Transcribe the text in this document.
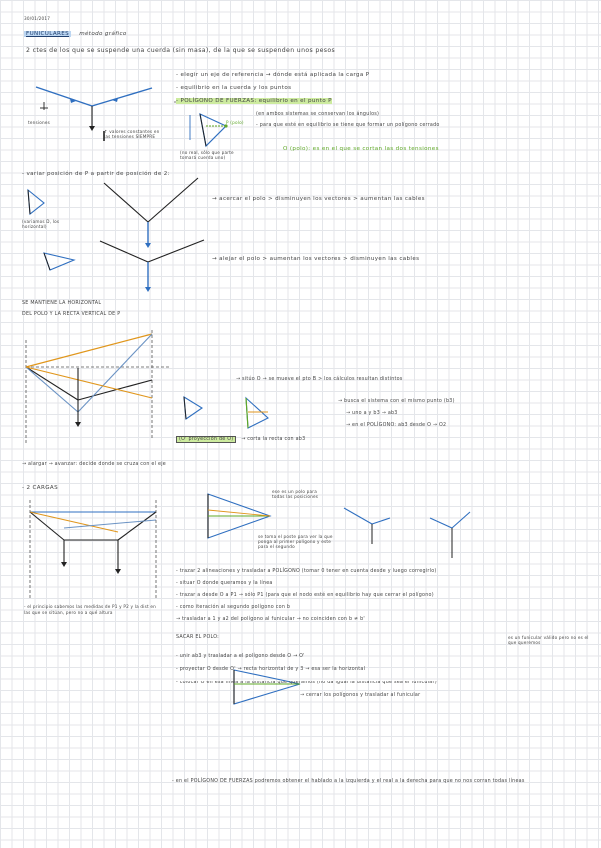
30/01/2017
FUNICULARES método gráfico
2 ctes de los que se suspende una cuerda (sin masa), de la que se suspenden unos pesos
tensiones
↑ valores constantes en las tensiones SIEMPRE
P (polo)
(no real, sólo que parte tomará cuerda uno)
- elegir un eje de referencia → dónde está aplicada la carga P
- equilibrio en la cuerda y los puntos
- POLÍGONO DE FUERZAS: equilibrio en el punto P
(en ambos sistemas se conservan los ángulos)
- para que esté en equilibrio se tiene que formar un polígono cerrado
O (polo): es en el que se cortan las dos tensiones
- variar posición de P a partir de posición de 2:
(variamos D, los horizontal)
→ acercar el polo > disminuyen los vectores > aumentan las cables
→ alejar el polo > aumentan los vectores > disminuyen las cables
SE MANTIENE LA HORIZONTAL
DEL POLO Y LA RECTA VERTICAL DE P
→ sitúo O → se mueve el pto B > los cálculos resultan distintos
→ busca el sistema con el mismo punto (b3)
→ uno a y b3 → ab3
→ en el POLÍGONO: ab3 desde O → O2
(O' proyección de O) → corta la recta con ab3
→ alargar → avanzar: decide donde se cruza con el eje
- 2 CARGAS
ese es un polo para todas las posiciones
se toma el poste para ver la que ponga al primer polígono y este para el segundo
- trazar 2 alineaciones y trasladar a POLÍGONO (tomar 0 tener en cuenta desde y luego corregirlo)
- situar O donde queramos y la línea
- trazar a desde O a P1 → sólo P1 (para que el nodo esté en equilibrio hay que cerrar el polígono)
- como iteración al segundo polígono con b
→ trasladar a 1 y a2 del polígono al funicular → no coinciden con b ≠ b'
- el principio sabemos las medidas de P1 y P2 y la dist en las que se sitúan, pero no a qué altura
SACAR EL POLO:
- unir ab3 y trasladar a el polígono desde O → O'
- proyectar O desde O' → recta horizontal de y 3 → esa ser la horizontal
- colocar O en esa línea a la distancia que queramos (no da igual la distancia que sea el funicular)
→ cerrar los polígonos y trasladar al funicular
es un funicular válido pero no es el que queremos
- en el POLÍGONO DE FUERZAS podremos obtener el hablado a la izquierda y el real a la derecha para que no nos corran todas líneas
